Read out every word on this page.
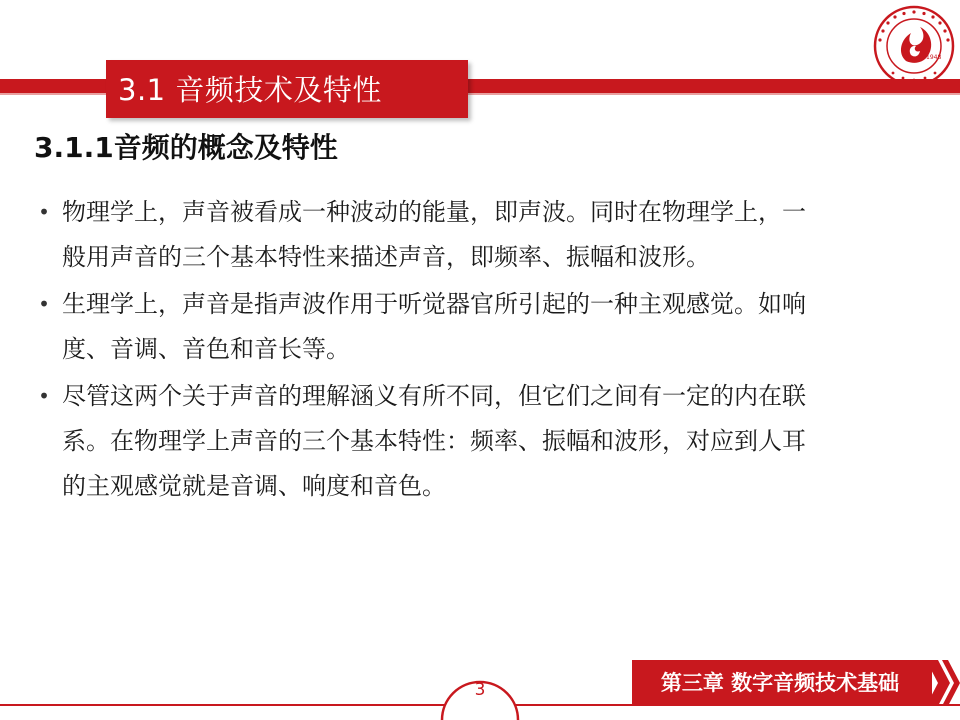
3.1 音频技术及特性
1948
3.1.1音频的概念及特性
• 物理学上，声音被看成一种波动的能量，即声波。同时在物理学上，一
般用声音的三个基本特性来描述声音，即频率、振幅和波形。
• 生理学上，声音是指声波作用于听觉器官所引起的一种主观感觉。如响
度、音调、音色和音长等。
• 尽管这两个关于声音的理解涵义有所不同，但它们之间有一定的内在联
系。在物理学上声音的三个基本特性：频率、振幅和波形，对应到人耳
的主观感觉就是音调、响度和音色。
3	第三章 数字音频技术基础
